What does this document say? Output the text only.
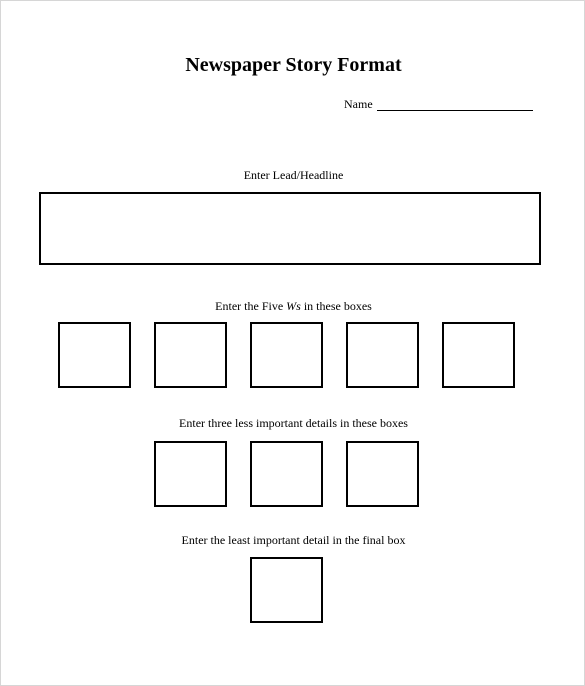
Newspaper Story Format
Name
Enter Lead/Headline
Enter the Five Ws in these boxes
Enter three less important details in these boxes
Enter the least important detail in the final box
